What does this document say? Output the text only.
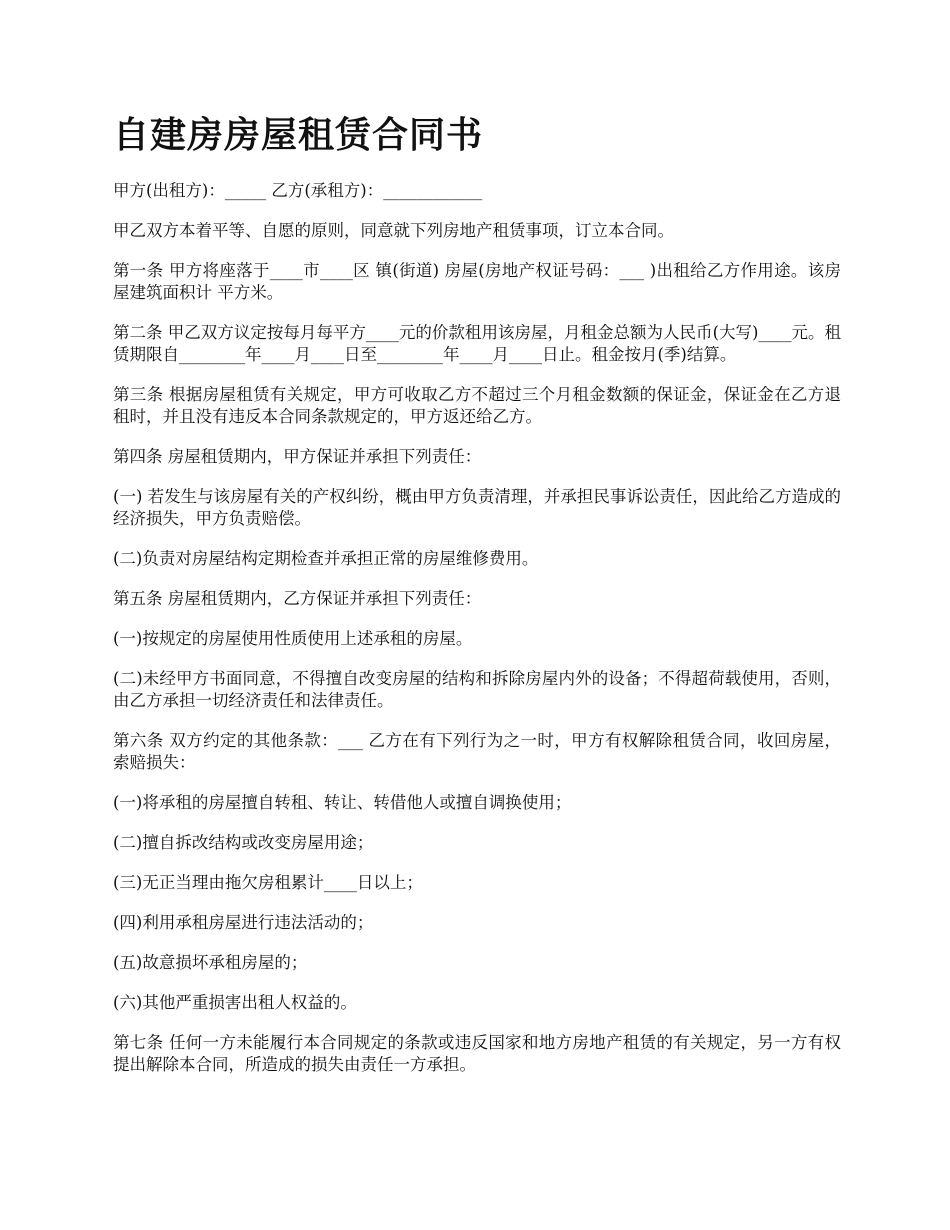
自建房房屋租赁合同书

甲方(出租方)：_____ 乙方(承租方)：____________

甲乙双方本着平等、自愿的原则，同意就下列房地产租赁事项，订立本合同。

第一条 甲方将座落于____市____区 镇(街道) 房屋(房地产权证号码：___ )出租给乙方作用途。该房屋建筑面积计 平方米。

第二条 甲乙双方议定按每月每平方____元的价款租用该房屋，月租金总额为人民币(大写)____元。租赁期限自________年____月____日至________年____月____日止。租金按月(季)结算。

第三条 根据房屋租赁有关规定，甲方可收取乙方不超过三个月租金数额的保证金，保证金在乙方退租时，并且没有违反本合同条款规定的，甲方返还给乙方。

第四条 房屋租赁期内，甲方保证并承担下列责任：

(一) 若发生与该房屋有关的产权纠纷，概由甲方负责清理，并承担民事诉讼责任，因此给乙方造成的经济损失，甲方负责赔偿。

(二)负责对房屋结构定期检查并承担正常的房屋维修费用。

第五条 房屋租赁期内，乙方保证并承担下列责任：

(一)按规定的房屋使用性质使用上述承租的房屋。

(二)未经甲方书面同意，不得擅自改变房屋的结构和拆除房屋内外的设备；不得超荷载使用，否则，由乙方承担一切经济责任和法律责任。

第六条 双方约定的其他条款：___ 乙方在有下列行为之一时，甲方有权解除租赁合同，收回房屋，索赔损失：

(一)将承租的房屋擅自转租、转让、转借他人或擅自调换使用；

(二)擅自拆改结构或改变房屋用途；

(三)无正当理由拖欠房租累计____日以上；

(四)利用承租房屋进行违法活动的；

(五)故意损坏承租房屋的；

(六)其他严重损害出租人权益的。

第七条 任何一方未能履行本合同规定的条款或违反国家和地方房地产租赁的有关规定，另一方有权提出解除本合同，所造成的损失由责任一方承担。
